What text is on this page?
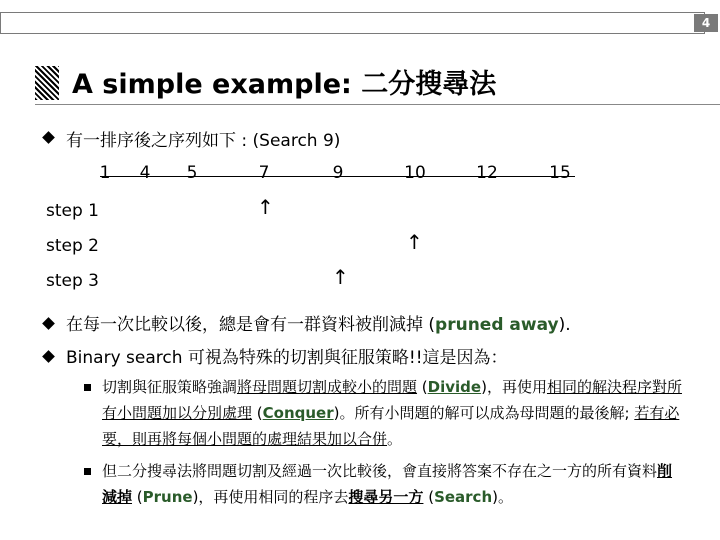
4
A simple example: 二分搜尋法
有一排序後之序列如下 : (Search 9)
1	4	5	7	9	10	12	15
step 1	↑
step 2	↑
step 3	↑
在每一次比較以後，總是會有一群資料被削減掉 (pruned away).
Binary search 可視為特殊的切割與征服策略!!這是因為：
切割與征服策略強調將母問題切割成較小的問題 (Divide)，再使用相同的解決程序對所有小問題加以分別處理 (Conquer)。所有小問題的解可以成為母問題的最後解; 若有必要，則再將每個小問題的處理結果加以合併。
但二分搜尋法將問題切割及經過一次比較後，會直接將答案不存在之一方的所有資料削減掉 (Prune)，再使用相同的程序去搜尋另一方 (Search)。
